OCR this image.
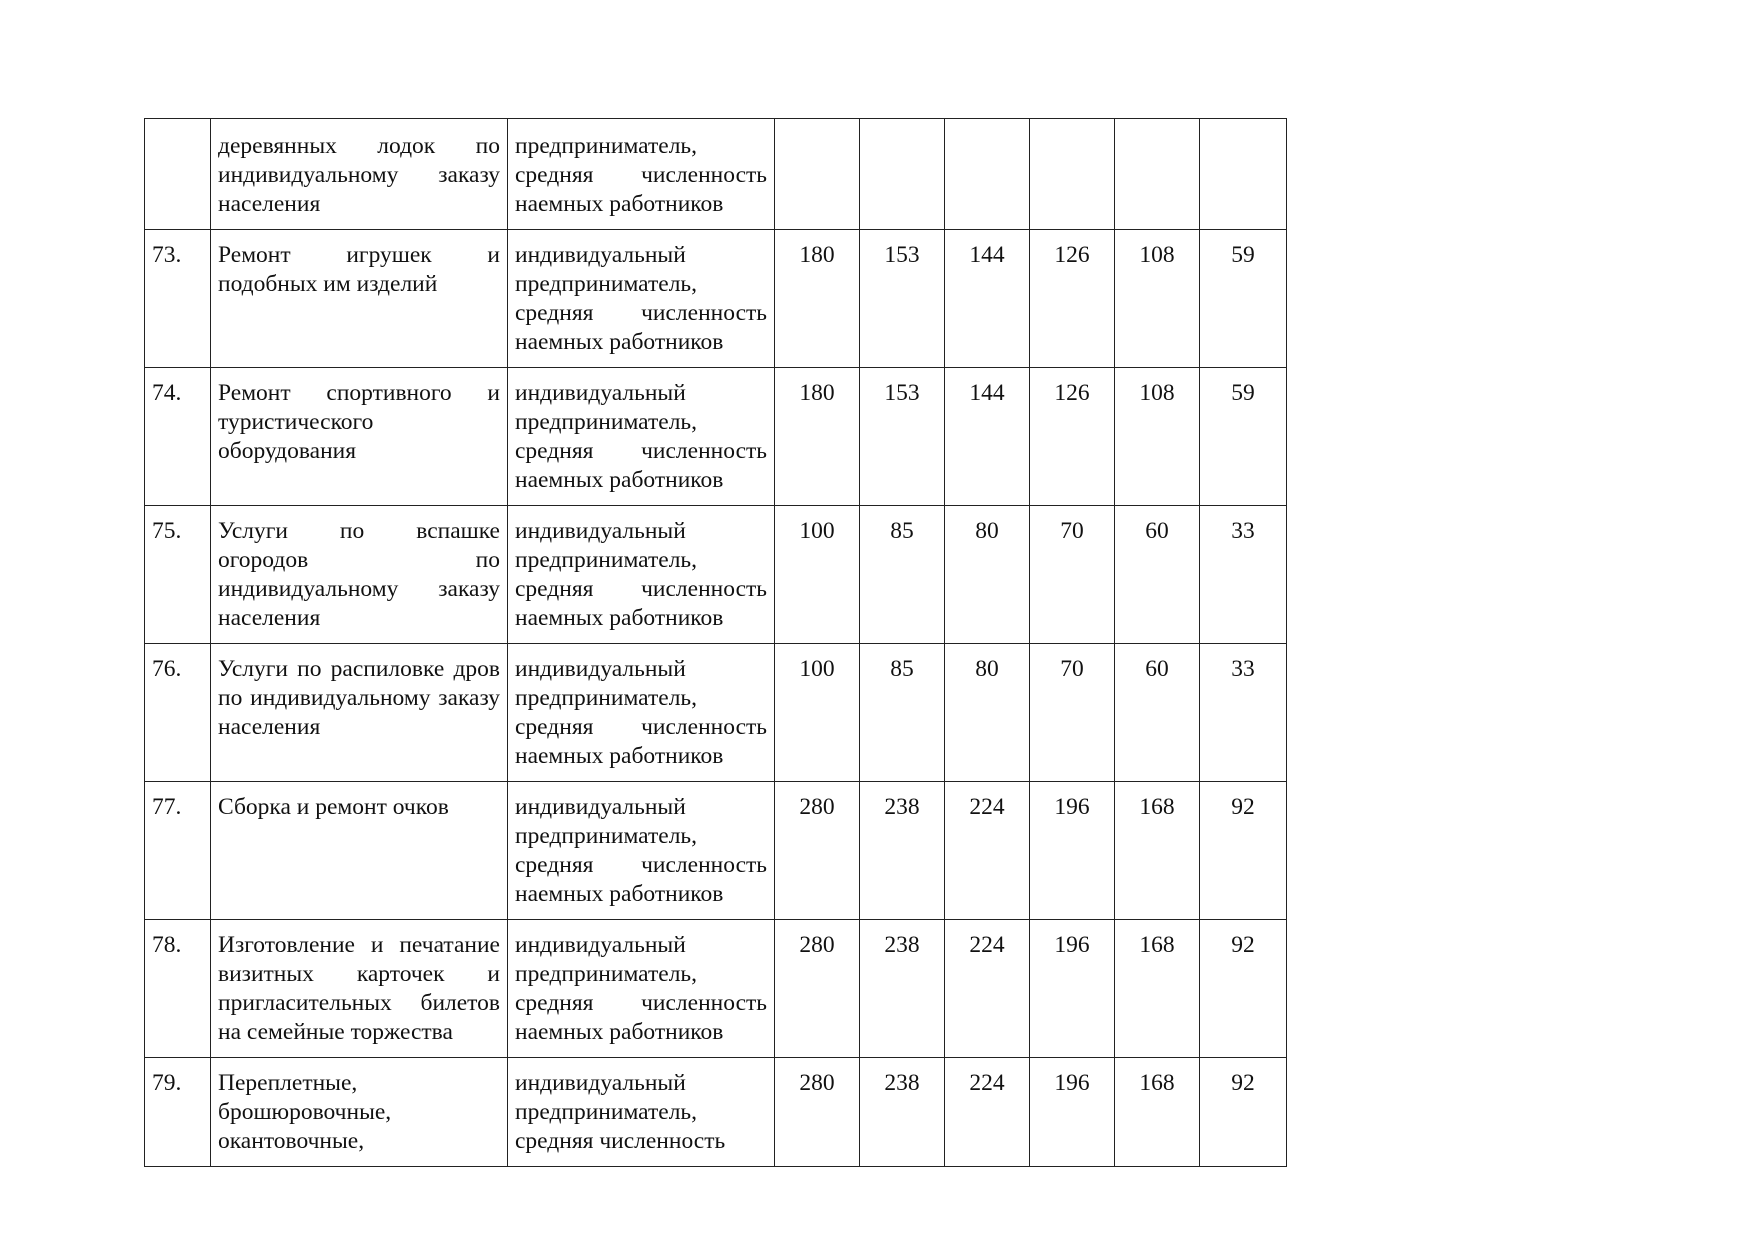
	деревянных лодок по индивидуальному заказу населения	предприниматель, средняя численность наемных работников						
73.	Ремонт игрушек и подобных им изделий	индивидуальный предприниматель, средняя численность наемных работников	180	153	144	126	108	59
74.	Ремонт спортивного и туристического оборудования	индивидуальный предприниматель, средняя численность наемных работников	180	153	144	126	108	59
75.	Услуги по вспашке огородов по индивидуальному заказу населения	индивидуальный предприниматель, средняя численность наемных работников	100	85	80	70	60	33
76.	Услуги по распиловке дров по индивидуальному заказу населения	индивидуальный предприниматель, средняя численность наемных работников	100	85	80	70	60	33
77.	Сборка и ремонт очков	индивидуальный предприниматель, средняя численность наемных работников	280	238	224	196	168	92
78.	Изготовление и печатание визитных карточек и пригласительных билетов на семейные торжества	индивидуальный предприниматель, средняя численность наемных работников	280	238	224	196	168	92
79.	Переплетные, брошюровочные, окантовочные,	индивидуальный предприниматель, средняя численность	280	238	224	196	168	92
